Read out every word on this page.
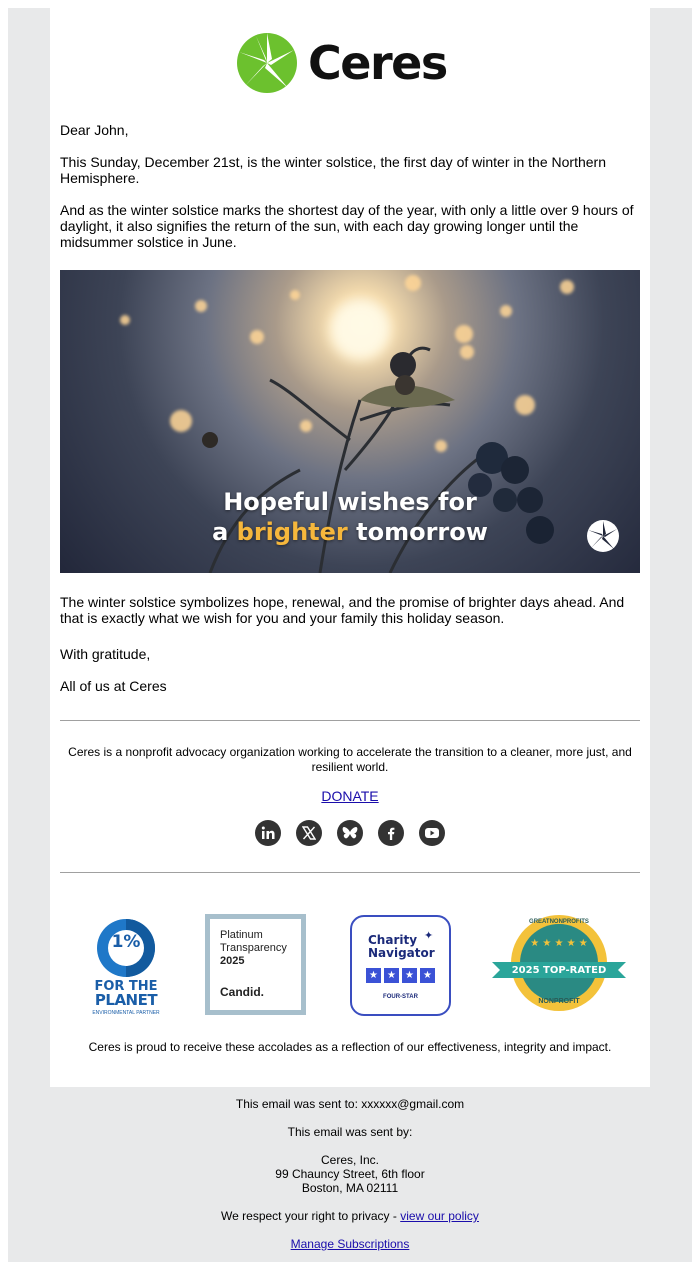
Ceres

Dear John,

This Sunday, December 21st, is the winter solstice, the first day of winter in the Northern Hemisphere.

And as the winter solstice marks the shortest day of the year, with only a little over 9 hours of daylight, it also signifies the return of the sun, with each day growing longer until the midsummer solstice in June.

Hopeful wishes for
a brighter tomorrow

The winter solstice symbolizes hope, renewal, and the promise of brighter days ahead. And that is exactly what we wish for you and your family this holiday season.

With gratitude,

All of us at Ceres

Ceres is a nonprofit advocacy organization working to accelerate the transition to a cleaner, more just, and resilient world.

DONATE
1%
FOR THE
PLANET
ENVIRONMENTAL PARTNER
Platinum
Transparency
2025
Candid.
Charity
Navigator
✦
★ ★ ★ ★
FOUR-STAR
★ ★ ★ ★ ★
GREATNONPROFITS
2025 TOP-RATED
NONPROFIT

Ceres is proud to receive these accolades as a reflection of our effectiveness, integrity and impact.

This email was sent to: xxxxxx@gmail.com

This email was sent by:

Ceres, Inc.

99 Chauncy Street, 6th floor

Boston, MA 02111

We respect your right to privacy - view our policy

Manage Subscriptions
